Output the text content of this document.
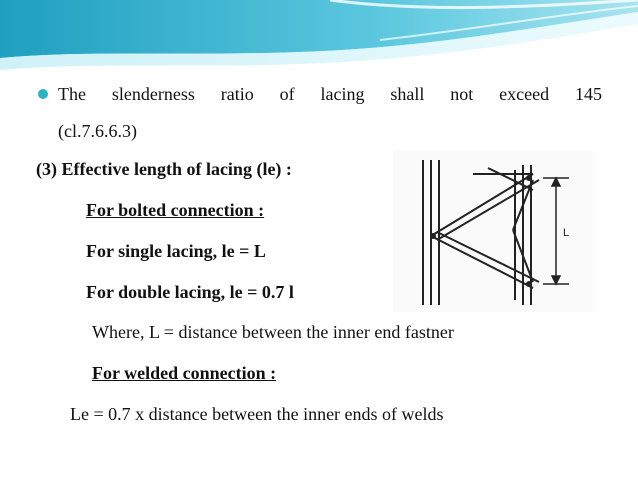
The slenderness ratio of lacing shall not exceed 145
(cl.7.6.6.3)
(3) Effective length of lacing (le) :
For bolted connection :
For single lacing, le = L
For double lacing, le = 0.7 l
Where, L = distance between the inner end fastner
For welded connection :
Le = 0.7 x distance between the inner ends of welds
L
